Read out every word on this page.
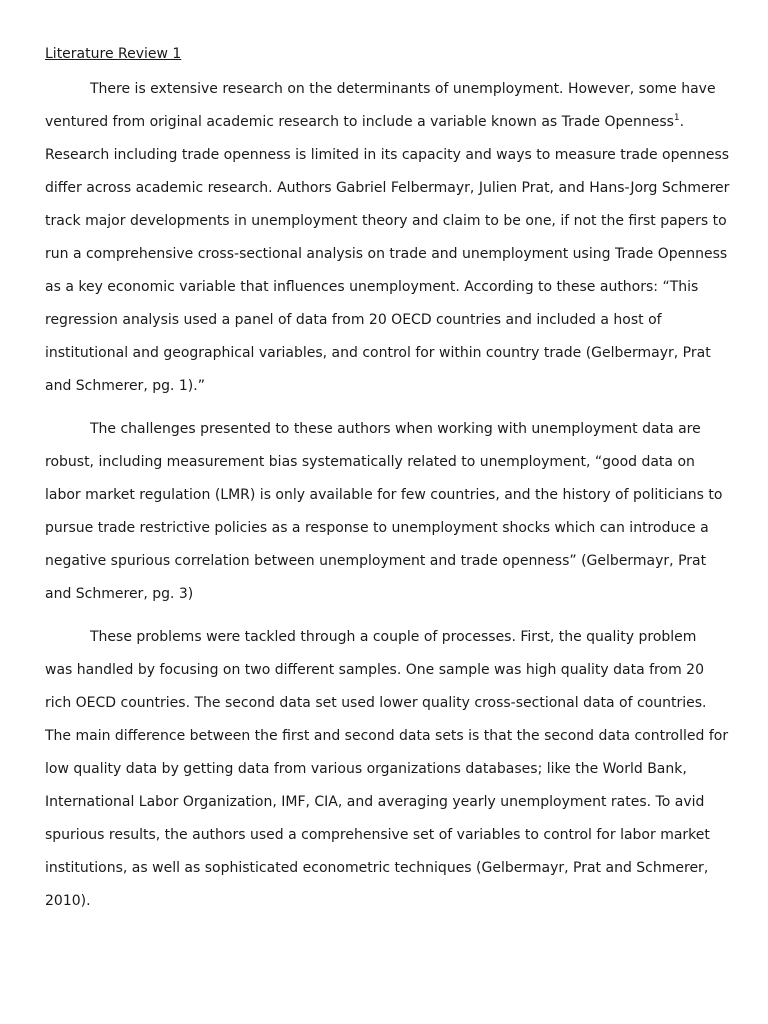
Literature Review 1
There is extensive research on the determinants of unemployment. However, some have
ventured from original academic research to include a variable known as Trade Openness$^1$.
Research including trade openness is limited in its capacity and ways to measure trade openness
differ across academic research. Authors Gabriel Felbermayr, Julien Prat, and Hans-Jorg Schmerer
track major developments in unemployment theory and claim to be one, if not the first papers to
run a comprehensive cross-sectional analysis on trade and unemployment using Trade Openness
as a key economic variable that influences unemployment. According to these authors: “This
regression analysis used a panel of data from 20 OECD countries and included a host of
institutional and geographical variables, and control for within country trade (Gelbermayr, Prat
and Schmerer, pg. 1).”
The challenges presented to these authors when working with unemployment data are
robust, including measurement bias systematically related to unemployment, “good data on
labor market regulation (LMR) is only available for few countries, and the history of politicians to
pursue trade restrictive policies as a response to unemployment shocks which can introduce a
negative spurious correlation between unemployment and trade openness” (Gelbermayr, Prat
and Schmerer, pg. 3)
These problems were tackled through a couple of processes. First, the quality problem
was handled by focusing on two different samples. One sample was high quality data from 20
rich OECD countries. The second data set used lower quality cross-sectional data of countries.
The main difference between the first and second data sets is that the second data controlled for
low quality data by getting data from various organizations databases; like the World Bank,
International Labor Organization, IMF, CIA, and averaging yearly unemployment rates. To avid
spurious results, the authors used a comprehensive set of variables to control for labor market
institutions, as well as sophisticated econometric techniques (Gelbermayr, Prat and Schmerer,
2010).
